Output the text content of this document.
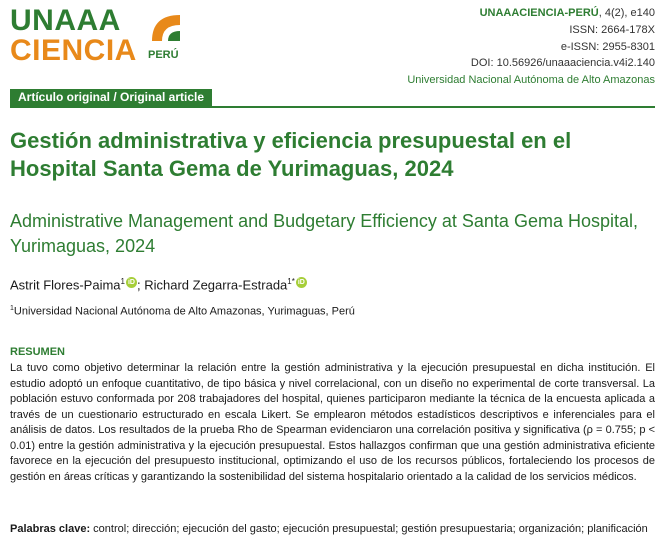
UNAAA
CIENCIA PERÚ
UNAAACIENCIA-PERÚ, 4(2), e140
ISSN: 2664-178X
e-ISSN: 2955-8301
DOI: 10.56926/unaaaciencia.v4i2.140
Universidad Nacional Autónoma de Alto Amazonas
Artículo original / Original article
Gestión administrativa y eficiencia presupuestal en el Hospital Santa Gema de Yurimaguas, 2024
Administrative Management and Budgetary Efficiency at Santa Gema Hospital, Yurimaguas, 2024
Astrit Flores-Paima$^1$ iD ; Richard Zegarra-Estrada$^{1*}$ iD
$^1$Universidad Nacional Autónoma de Alto Amazonas, Yurimaguas, Perú
RESUMEN
La tuvo como objetivo determinar la relación entre la gestión administrativa y la ejecución presupuestal en dicha institución. El estudio adoptó un enfoque cuantitativo, de tipo básica y nivel correlacional, con un diseño no experimental de corte transversal. La población estuvo conformada por 208 trabajadores del hospital, quienes participaron mediante la técnica de la encuesta aplicada a través de un cuestionario estructurado en escala Likert. Se emplearon métodos estadísticos descriptivos e inferenciales para el análisis de datos. Los resultados de la prueba Rho de Spearman evidenciaron una correlación positiva y significativa (ρ = 0.755; p < 0.01) entre la gestión administrativa y la ejecución presupuestal. Estos hallazgos confirman que una gestión administrativa eficiente favorece en la ejecución del presupuesto institucional, optimizando el uso de los recursos públicos, fortaleciendo los procesos de gestión en áreas críticas y garantizando la sostenibilidad del sistema hospitalario orientado a la calidad de los servicios médicos.
Palabras clave: control; dirección; ejecución del gasto; ejecución presupuestal; gestión presupuestaria; organización; planificación
